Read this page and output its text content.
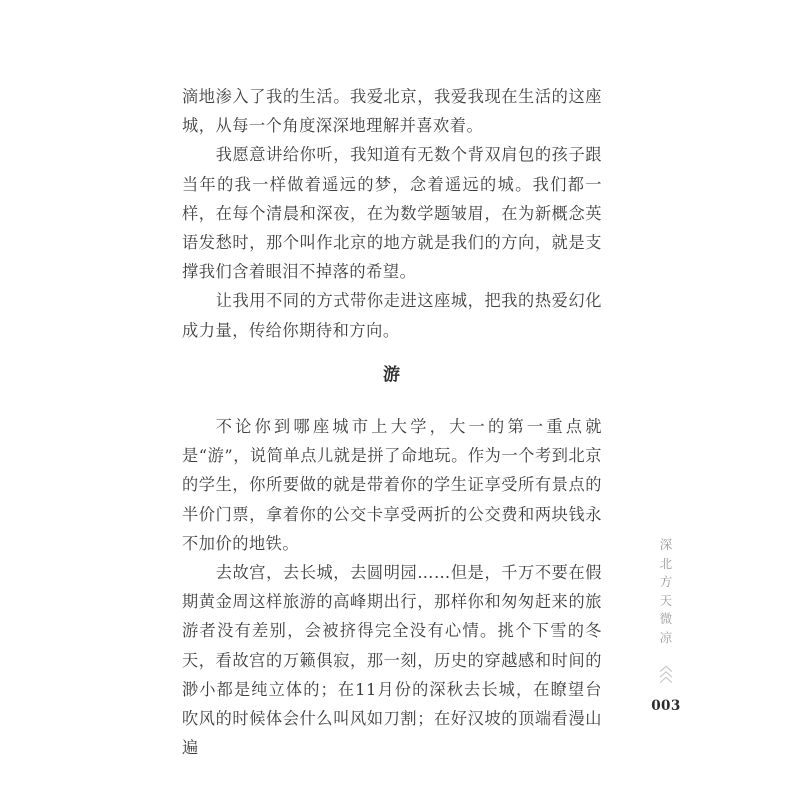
滴地渗入了我的生活。我爱北京，我爱我现在生活的这座城，从每一个角度深深地理解并喜欢着。

我愿意讲给你听，我知道有无数个背双肩包的孩子跟当年的我一样做着遥远的梦，念着遥远的城。我们都一样，在每个清晨和深夜，在为数学题皱眉，在为新概念英语发愁时，那个叫作北京的地方就是我们的方向，就是支撑我们含着眼泪不掉落的希望。

让我用不同的方式带你走进这座城，把我的热爱幻化成力量，传给你期待和方向。

游

不论你到哪座城市上大学，大一的第一重点就是“游”，说简单点儿就是拼了命地玩。作为一个考到北京的学生，你所要做的就是带着你的学生证享受所有景点的半价门票，拿着你的公交卡享受两折的公交费和两块钱永不加价的地铁。

去故宫，去长城，去圆明园……但是，千万不要在假期黄金周这样旅游的高峰期出行，那样你和匆匆赶来的旅游者没有差别，会被挤得完全没有心情。挑个下雪的冬天，看故宫的万籁俱寂，那一刻，历史的穿越感和时间的渺小都是纯立体的；在11月份的深秋去长城，在瞭望台吹风的时候体会什么叫风如刀割；在好汉坡的顶端看漫山遍

深北方天微凉
003
